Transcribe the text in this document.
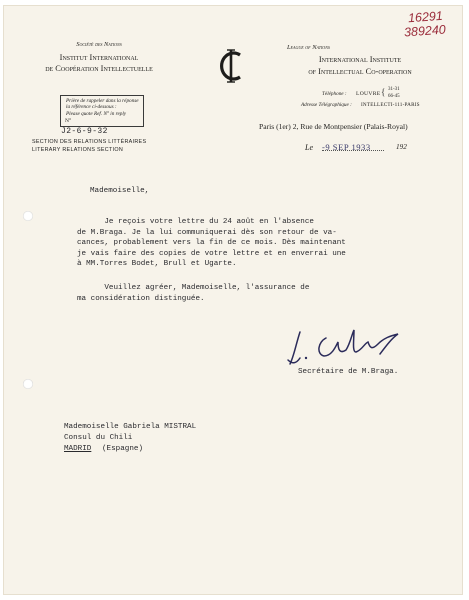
16291
389240
Société des Nations
Institut International
de Coopération Intellectuelle
Prière de rappeler dans la réponse
la référence ci-dessous :
Please quote Ref. N° in reply
N°
J2-6-9-32
SECTION DES RELATIONS LITTÉRAIRES
LITERARY RELATIONS SECTION
League of Nations
International Institute
of Intellectual Co-operation
Téléphone : LOUVRE { 31-31
66-45
Adresse Télégraphique : INTELLECTI-111-PARIS
Paris (1er) 2, Rue de Montpensier (Palais-Royal)
Le -9 SEP 1933	192
Mademoiselle,
Je reçois votre lettre du 24 août en l'absence
de M.Braga. Je la lui communiquerai dès son retour de va-
cances, probablement vers la fin de ce mois. Dès maintenant
je vais faire des copies de votre lettre et en enverrai une
à MM.Torres Bodet, Brull et Ugarte.
Veuillez agréer, Mademoiselle, l'assurance de
ma considération distinguée.
Secrétaire de M.Braga.
Mademoiselle Gabriela MISTRAL
Consul du Chili
MADRID (Espagne)
